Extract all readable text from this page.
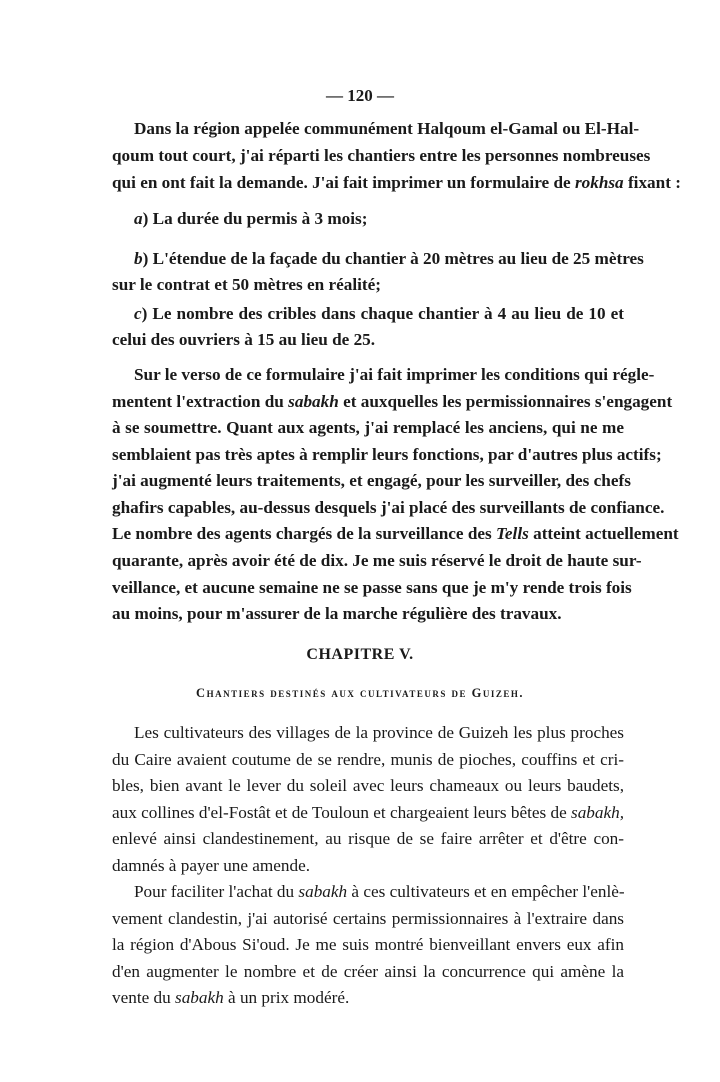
— 120 —
Dans la région appelée communément Halqoum el-Gamal ou El-Hal-
qoum tout court, j'ai réparti les chantiers entre les personnes nombreuses
qui en ont fait la demande. J'ai fait imprimer un formulaire de rokhsa fixant :
a) La durée du permis à 3 mois;
b) L'étendue de la façade du chantier à 20 mètres au lieu de 25 mètres
sur le contrat et 50 mètres en réalité;
c) Le nombre des cribles dans chaque chantier à 4 au lieu de 10 et
celui des ouvriers à 15 au lieu de 25.
Sur le verso de ce formulaire j'ai fait imprimer les conditions qui régle-
mentent l'extraction du sabakh et auxquelles les permissionnaires s'engagent
à se soumettre. Quant aux agents, j'ai remplacé les anciens, qui ne me
semblaient pas très aptes à remplir leurs fonctions, par d'autres plus actifs;
j'ai augmenté leurs traitements, et engagé, pour les surveiller, des chefs
ghafirs capables, au-dessus desquels j'ai placé des surveillants de confiance.
Le nombre des agents chargés de la surveillance des Tells atteint actuellement
quarante, après avoir été de dix. Je me suis réservé le droit de haute sur-
veillance, et aucune semaine ne se passe sans que je m'y rende trois fois
au moins, pour m'assurer de la marche régulière des travaux.
Les cultivateurs des villages de la province de Guizeh les plus proches
du Caire avaient coutume de se rendre, munis de pioches, couffins et cri-
bles, bien avant le lever du soleil avec leurs chameaux ou leurs baudets,
aux collines d'el-Fostât et de Touloun et chargeaient leurs bêtes de sabakh,
enlevé ainsi clandestinement, au risque de se faire arrêter et d'être con-
damnés à payer une amende.
Pour faciliter l'achat du sabakh à ces cultivateurs et en empêcher l'enlè-
vement clandestin, j'ai autorisé certains permissionnaires à l'extraire dans
la région d'Abous Si'oud. Je me suis montré bienveillant envers eux afin
d'en augmenter le nombre et de créer ainsi la concurrence qui amène la
vente du sabakh à un prix modéré.
CHAPITRE V.
Chantiers destinés aux cultivateurs de Guizeh.
